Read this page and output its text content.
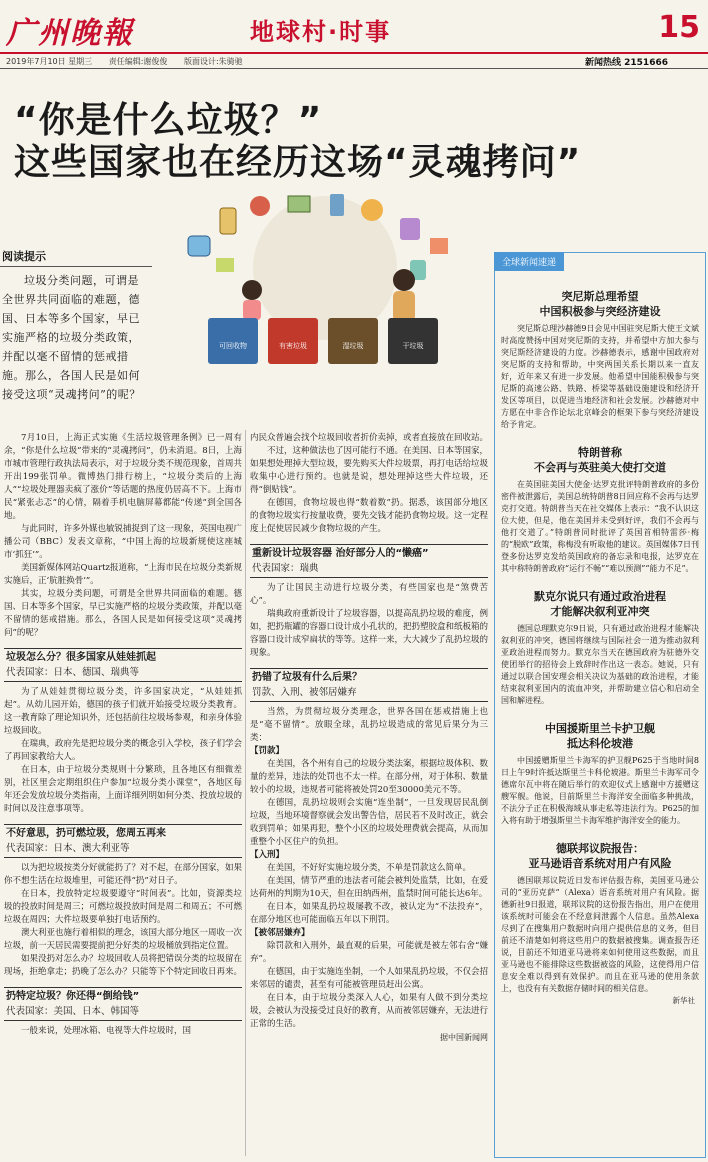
广州晚報	地球村·时事	15
2019年7月10日 星期三 责任编辑:谢俊俊 版面设计:朱骑驰	新闻热线 2151666
“你是什么垃圾？”
这些国家也在经历这场“灵魂拷问”
可回收物	有害垃圾	湿垃圾	干垃圾
阅读提示
垃圾分类问题，可谓是全世界共同面临的难题，德国、日本等多个国家，早已实施严格的垃圾分类政策，并配以毫不留情的惩戒措施。那么，各国人民是如何接受这项“灵魂拷问”的呢？

7月10日，上海正式实施《生活垃圾管理条例》已一周有余，“你是什么垃圾”带来的“灵魂拷问”，仍未消退。8日，上海市城市管理行政执法局表示，对于垃圾分类不规范现象，首周共开出199张罚单。微博热门排行榜上，“垃圾分类后的上海人”“垃圾处理器卖疯了涨价”等话题的热度仍居高不下。上海市民“紧张忐忑”的心情，隔着手机电脑屏幕都能“传递”到全国各地。

与此同时，许多外媒也敏锐捕捉到了这一现象，英国电视广播公司（BBC）发表文章称，“中国上海的垃圾新规使这座城市‘抓狂’”。

美国新媒体网站Quartz报道称，“上海市民在垃圾分类新规实施后，正‘肮脏换骨’”。

其实，垃圾分类问题，可谓是全世界共同面临的难题。德国、日本等多个国家，早已实施严格的垃圾分类政策，并配以毫不留情的惩戒措施。那么，各国人民是如何接受这项“灵魂拷问”的呢？

垃圾怎么分？很多国家从娃娃抓起
代表国家：日本、德国、瑞典等

为了从娃娃贯彻垃圾分类，许多国家决定，“从娃娃抓起”。从幼儿园开始，德国的孩子们就开始接受垃圾分类教育。这一教育除了理论知识外，还包括前往垃圾场参观，和亲身体验垃圾回收。

在瑞典，政府先是把垃圾分类的概念引入学校，孩子们学会了再回家教给大人。

在日本，由于垃圾分类规则十分繁琐，且各地区有细微差别，社区里会定期组织住户参加“垃圾分类小课堂”，各地区每年还会发放垃圾分类指南，上面详细列明如何分类、投放垃圾的时间以及注意事项等。

不好意思，扔可燃垃圾，您周五再来
代表国家：日本、澳大利亚等

以为把垃圾按类分好就能扔了？对不起，在部分国家，如果你不想生活在垃圾堆里，可能还得“扔”对日子。

在日本，投放特定垃圾要遵守“时间表”。比如，资源类垃圾的投放时间是周三；可燃垃圾投放时间是周二和周五；不可燃垃圾在周四；大件垃圾要单独打电话预约。

澳大利亚也施行着相似的理念，该国大部分地区一周收一次垃圾，前一天居民需要提前把分好类的垃圾桶放到指定位置。

如果没扔对怎么办？垃圾回收人员将把错误分类的垃圾留在现场，拒绝拿走；扔晚了怎么办？只能等下个特定回收日再来。

扔特定垃圾？你还得“倒给钱”
代表国家：美国、日本、韩国等

一般来说，处理冰箱、电视等大件垃圾时，国

内民众普遍会找个垃圾回收者折价卖掉，或者直接放在回收站。

不过，这种做法也了因可能行不通。在美国、日本等国家，如果想处理掉大型垃圾，要先购买大件垃圾票，再打电话给垃圾收集中心进行预约。也就是说，想处理掉这些大件垃圾，还得“倒贴钱”。

在德国，食物垃圾也得“数着数”扔。据悉，该国部分地区的食物垃圾实行按量收费，要先交钱才能扔食物垃圾。这一定程度上促使居民减少食物垃圾的产生。

重新设计垃圾容器 治好部分人的“懒癌”
代表国家：瑞典

为了让国民主动进行垃圾分类，有些国家也是“煞费苦心”。

瑞典政府重新设计了垃圾容器，以提高乱扔垃圾的难度，例如，把扔瓶罐的容器口设计成小孔状的，把扔塑胶盒和纸板箱的容器口设计成窄扁状的等等。这样一来，大大减少了乱扔垃圾的现象。

扔错了垃圾有什么后果？
罚款、入刑、被邻居嫌弃

当然，为贯彻垃圾分类理念，世界各国在惩戒措施上也是“毫不留情”。放眼全球，乱扔垃圾造成的常见后果分为三类：

【罚款】

在美国，各个州有自己的垃圾分类法案，根据垃圾体积、数量的差异，违法的处罚也不太一样。在部分州，对于体积、数量较小的垃圾，违规者可能将被处罚20至30000美元不等。

在德国，乱扔垃圾则会实施“连坐制”，一旦发现居民乱倒垃圾，当地环境督察就会发出警告信，居民若不及时改正，就会收到罚单；如果再犯，整个小区的垃圾处理费就会提高，从而加重整个小区住户的负担。

【入刑】

在美国，不好好实施垃圾分类，不单是罚款这么简单。

在美国，情节严重的违法者可能会被判处监禁，比如，在爱达荷州的判期为10天，但在田纳西州，监禁时间可能长达6年。

在日本，如果乱扔垃圾屡教不改，被认定为“不法投弃”，在部分地区也可能面临五年以下刑罚。

【被邻居嫌弃】

除罚款和入刑外，最直观的后果，可能就是被左邻右舍“嫌弃”。

在德国，由于实施连坐制，一个人如果乱扔垃圾，不仅会招来邻居的谴责，甚至有可能被管理员赶出公寓。

在日本，由于垃圾分类深入人心，如果有人做不到分类垃圾，会被认为没接受过良好的教育，从而被邻居嫌弃，无法进行正常的生活。

据中国新闻网

全球新闻速递
突尼斯总理希望
中国积极参与突经济建设
突尼斯总理沙赫德9日会见中国驻突尼斯大使王文斌时高度赞扬中国对突尼斯的支持，并希望中方加大参与突尼斯经济建设的力度。沙赫德表示，感谢中国政府对突尼斯的支持和帮助，中突两国关系长期以来一直友好，近年来又有进一步发展。他希望中国能积极参与突尼斯的高速公路、铁路、桥梁等基础设施建设和经济开发区等项目，以促进当地经济和社会发展。沙赫德对中方愿在中非合作论坛北京峰会的框架下参与突经济建设给予肯定。
特朗普称
不会再与英驻美大使打交道
在英国驻美国大使金·达罗克批评特朗普政府的多份密件被泄露后，美国总统特朗普8日回应称不会再与达罗克打交道。特朗普当天在社交媒体上表示：“我不认识这位大使，但是，他在美国并未受到好评，我们不会再与他打交道了。”特朗普同时批评了英国首相特雷莎·梅的“脱欧”政策，称梅没有听取他的建议。英国媒体7日刊登多份达罗克发给英国政府的备忘录和电报，达罗克在其中称特朗普政府“运行不畅”“难以预测”“能力不足”。
默克尔说只有通过政治进程
才能解决叙利亚冲突
德国总理默克尔9日说，只有通过政治进程才能解决叙利亚的冲突，德国将继续与国际社会一道为推动叙利亚政治进程而努力。默克尔当天在德国政府为驻德外交使团举行的招待会上致辞时作出这一表态。她说，只有通过以联合国安理会相关决议为基础的政治进程，才能结束叙利亚国内的流血冲突，并帮助建立信心和启动全国和解进程。
中国援斯里兰卡护卫舰
抵达科伦坡港
中国援赠斯里兰卡海军的护卫舰P625于当地时间8日上午9时许抵达斯里兰卡科伦坡港。斯里兰卡海军司令德席尔瓦中将在随后举行的欢迎仪式上感谢中方援赠这艘军舰。他说，目前斯里兰卡海洋安全面临多种挑战，不法分子正在积极海域从事走私等违法行为。P625的加入将有助于增强斯里兰卡海军维护海洋安全的能力。
德联邦议院报告：
亚马逊语音系统对用户有风险
德国联邦议院近日发布评估报告称，美国亚马逊公司的“亚历克萨”（Alexa）语音系统对用户有风险。据德新社9日报道，联邦议院的这份报告指出，用户在使用该系统时可能会在不经意间泄露个人信息。虽然Alexa尽到了在搜集用户数据时向用户提供信息的义务，但目前还不清楚如何将这些用户的数据被搜集。调查报告还说，目前还不知道亚马逊将来如何使用这些数据，而且亚马逊也不能排除这些数据被盗的风险，这使得用户信息安全难以得到有效保护。而且在亚马逊的使用条款上，也没有有关数据存储时间的相关信息。
新华社
